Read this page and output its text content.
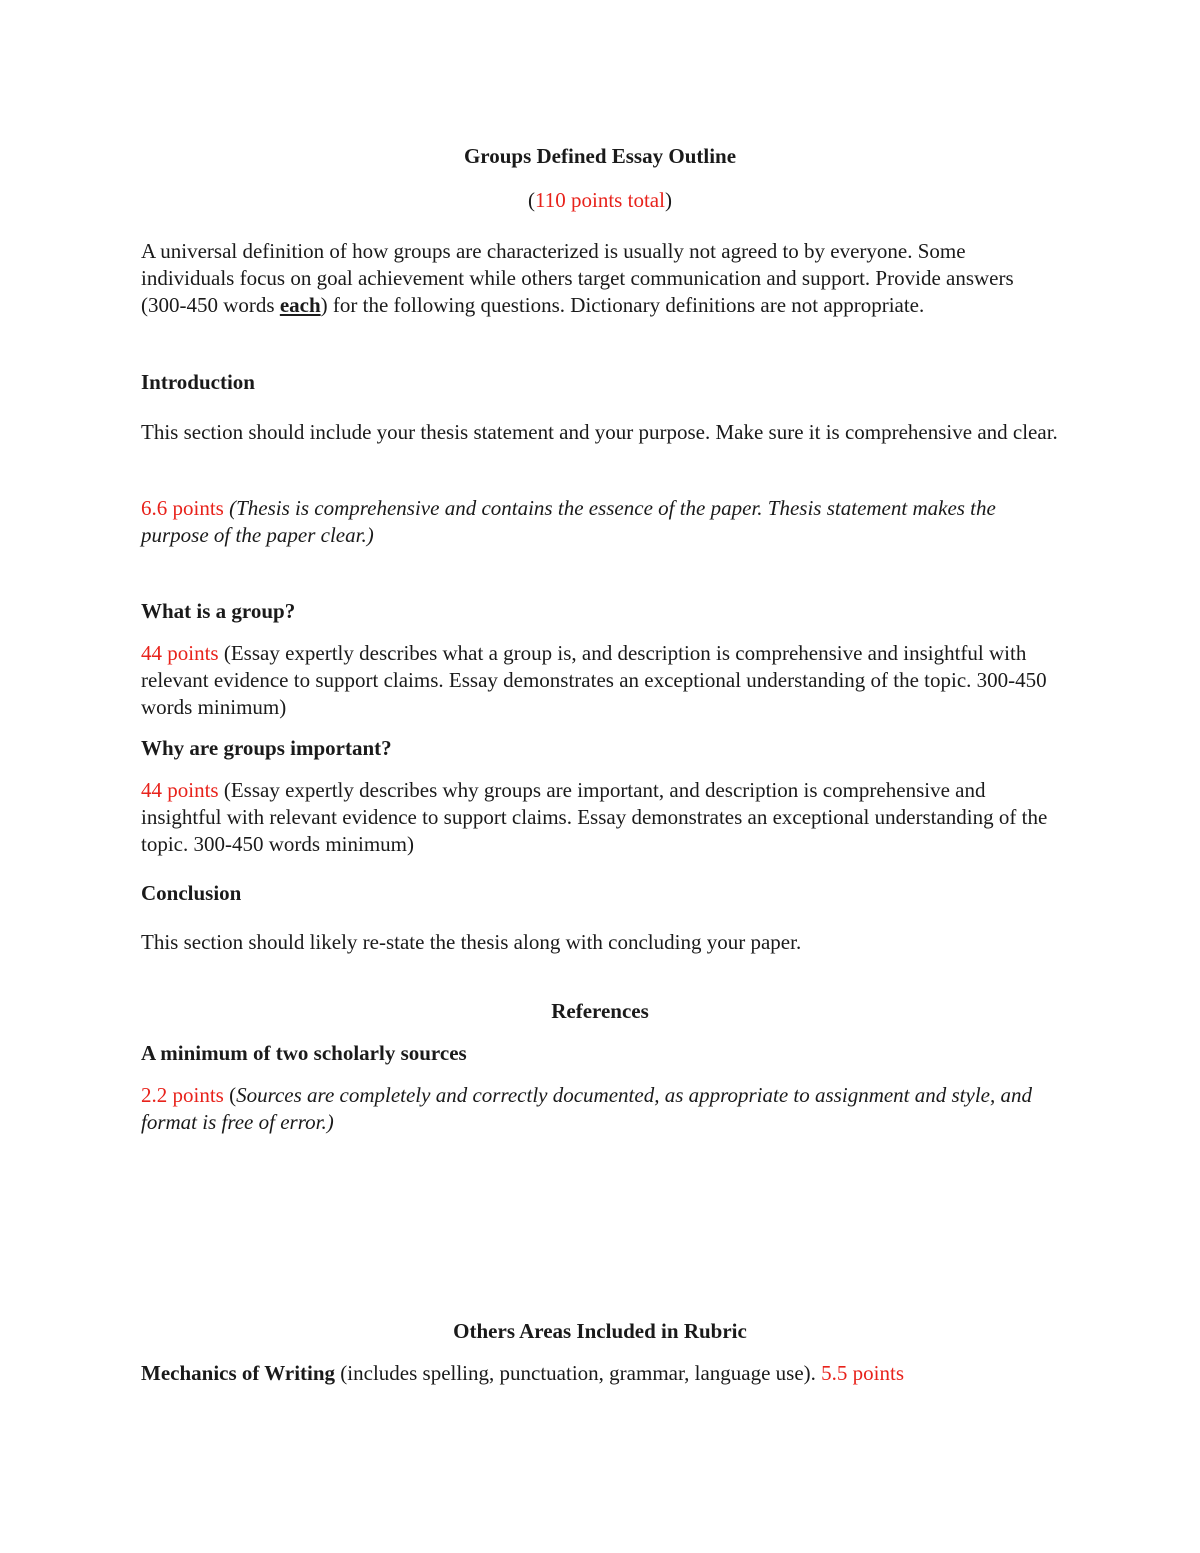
Groups Defined Essay Outline

(110 points total)

A universal definition of how groups are characterized is usually not agreed to by everyone. Some individuals focus on goal achievement while others target communication and support. Provide answers (300-450 words each) for the following questions. Dictionary definitions are not appropriate.

Introduction

This section should include your thesis statement and your purpose. Make sure it is comprehensive and clear.

6.6 points (Thesis is comprehensive and contains the essence of the paper. Thesis statement makes the purpose of the paper clear.)

What is a group?

44 points (Essay expertly describes what a group is, and description is comprehensive and insightful with relevant evidence to support claims. Essay demonstrates an exceptional understanding of the topic. 300-450 words minimum)

Why are groups important?

44 points (Essay expertly describes why groups are important, and description is comprehensive and insightful with relevant evidence to support claims. Essay demonstrates an exceptional understanding of the topic. 300-450 words minimum)

Conclusion

This section should likely re-state the thesis along with concluding your paper.

References
A minimum of two scholarly sources

2.2 points (Sources are completely and correctly documented, as appropriate to assignment and style, and format is free of error.)

Others Areas Included in Rubric

Mechanics of Writing (includes spelling, punctuation, grammar, language use). 5.5 points
